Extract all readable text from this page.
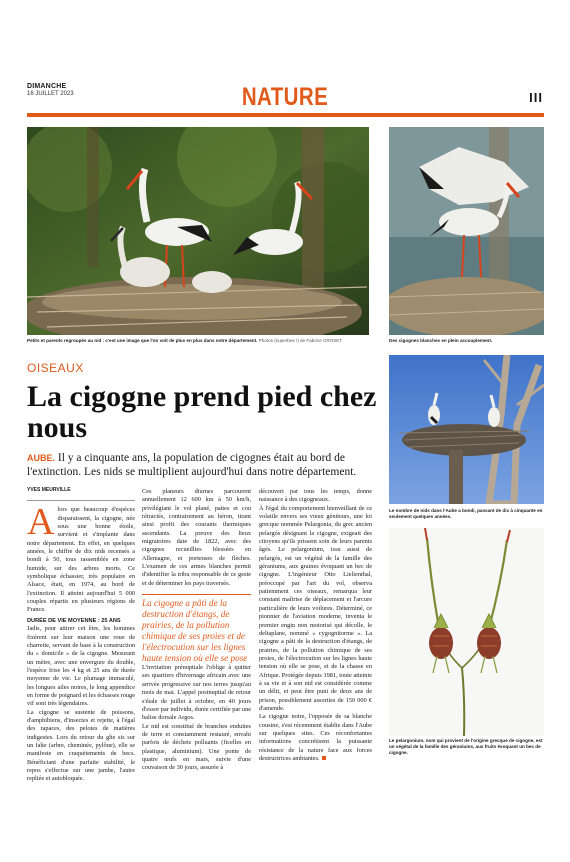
DIMANCHE
16 JUILLET 2023	NATURE	III
Petits et parents regroupés au nid : c'est une image que l'on voit de plus en plus dans notre département. Photos (superbes !) de Fabrice CROSET	Des cigognes blanches en plein accouplement.
Le nombre de nids dans l'Aube a bondi, passant de dix à cinquante en seulement quelques années.
Le pelargonium, nom qui provient de l'origine grecque de cigogne, est un végétal de la famille des géraniums, aux fruits évoquant un bec de cigogne.
OISEAUX
La cigogne prend pied chez nous
AUBE. Il y a cinquante ans, la population de cigognes était au bord de l'extinction. Les nids se multiplient aujourd'hui dans notre département.
YVES MEURVILLE

Alors que beaucoup d'espèces disparaissent, la cigogne, née sous une bonne étoile, survient et s'implante dans notre département. En effet, en quelques années, le chiffre de dix nids recensés a bondi à 50, tous rassemblés en zone humide, sur des arbres morts. Ce symbolique échassier, très populaire en Alsace, était, en 1974, au bord de l'extinction. Il atteint aujourd'hui 5 000 couples répartis en plusieurs régions de France.

DURÉE DE VIE MOYENNE : 25 ANS

Jadis, pour attirer cet être, les hommes fixèrent sur leur maison une roue de charrette, servant de base à la construction du « domicile » de la cigogne. Mesurant un mètre, avec une envergure du double, l'espèce frise les 4 kg et 25 ans de durée moyenne de vie. Le plumage immaculé, les longues ailes noires, le long appendice en forme de poignard et les échasses rouge vif sont très légendaires.

La cigogne se sustente de poissons, d'amphibiens, d'insectes et rejette, à l'égal des rapaces, des pelotes de matières indigestes. Lors du retour du gîte sis sur un faîte (arbre, cheminée, pylône), elle se manifeste en craquètements de becs. Bénéficiant d'une parfaite stabilité, le repos s'effectue sur une jambe, l'autre repliée et autobloquée.

Ces planeurs diurnes parcourent annuellement 12 600 km à 50 km/h, privilégiant le vol plané, pattes et cou rétractés, contrairement au héron, tirant ainsi profit des courants thermiques ascendants. La preuve des lieux migratoires date de 1822, avec des cigognes recueillies blessées en Allemagne, et porteuses de flèches. L'examen de ces armes blanches permit d'identifier la tribu responsable de ce geste et de déterminer les pays traversés.

La cigogne a pâti de la destruction d'étangs, de prairies, de la pollution chimique de ses proies et de l'électrocution sur les lignes haute tension où elle se pose

L'invitation prénuptiale l'oblige à quitter ses quartiers d'hivernage africain avec une arrivée progressive sur nos terres jusqu'au mois de mai. L'appel postnuptial de retour s'étale de juillet à octobre, en 40 jours d'essor par individu, durée certifiée par une balise dorsale Argos.

Le nid est constitué de branches enduites de terre et constamment restauré, envahi parfois de déchets polluants (ficelles en plastique, aluminium). Une ponte de quatre œufs en mars, suivie d'une couvaison de 30 jours, assurée à

découvert par tous les temps, donne naissance à des cigogneaux.

À l'égal du comportement bienveillant de ce volatile envers ses vieux géniteurs, une loi grecque nommée Pelargonia, du grec ancien pelargós désignant la cigogne, exigeait des citoyens qu'ils prissent soin de leurs parents âgés. Le pelargonium, issu aussi de pelargós, est un végétal de la famille des géraniums, aux graines évoquant un bec de cigogne. L'ingénieur Otto Lielienthal, préoccupé par l'art du vol, observa patiemment ces oiseaux, remarqua leur constant maîtrise de déplacement et l'arcure particulière de leurs voilures. Déterminé, ce pionnier de l'aviation moderne, inventa le premier engin non motorisé qui décolle, le deltaplane, nommé « cygognitorme ». La cigogne a pâti de la destruction d'étangs, de prairies, de la pollution chimique de ses proies, de l'électrocution sur les lignes haute tension où elle se pose, et de la chasse en Afrique. Protégée depuis 1981, toute atteinte à sa vie et à son nid est considérée comme un délit, et peut être puni de deux ans de prison, possiblement assorties de 150 000 € d'amende.

La cigogne noire, l'opposée de sa blanche cousine, s'est récemment établie dans l'Aube sur quelques sites. Ces réconfortantes informations concrétisent la puissante résistance de la nature face aux forces destructrices ambiantes.
